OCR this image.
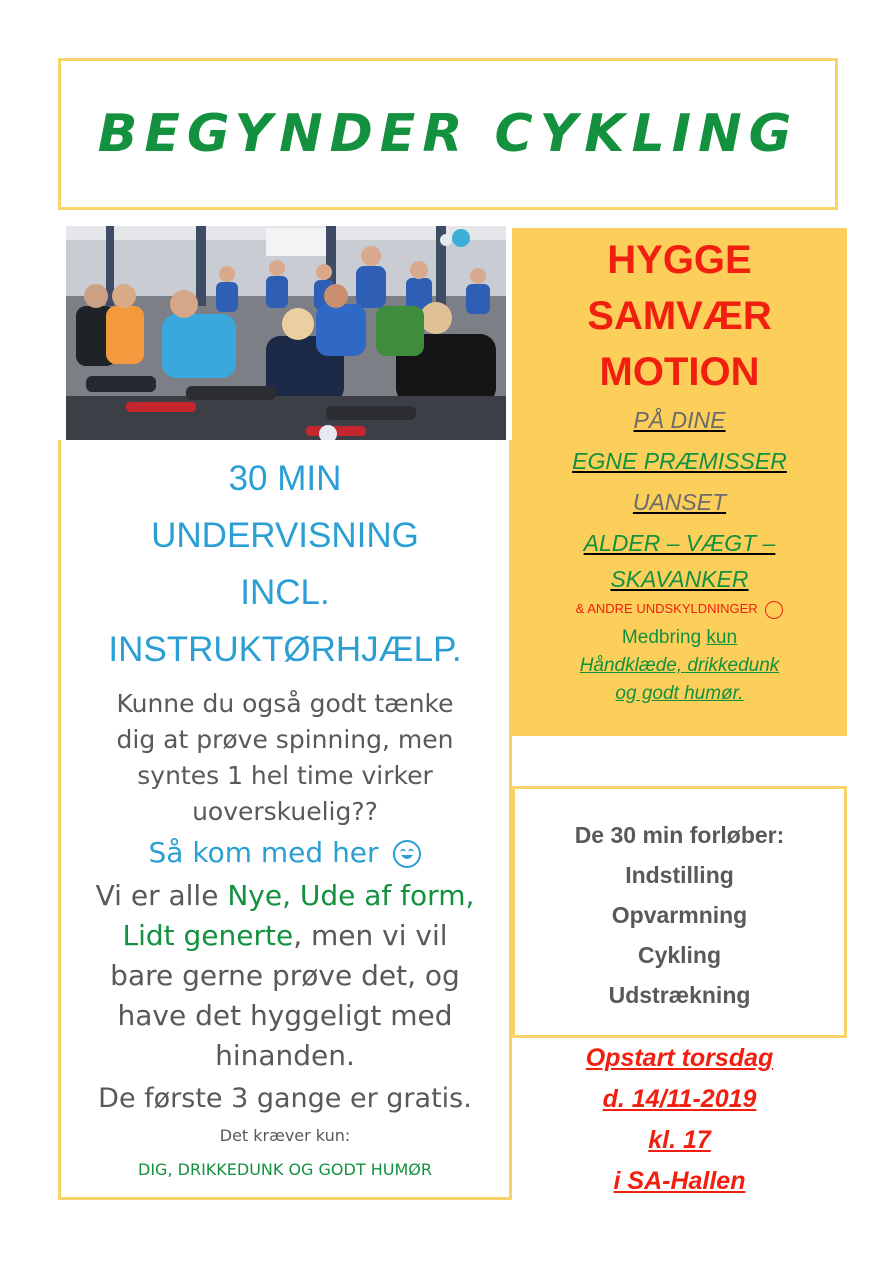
BEGYNDER CYKLING
30 MIN
UNDERVISNING
INCL.
INSTRUKTØRHJÆLP.
Kunne du også godt tænke
dig at prøve spinning, men
syntes 1 hel time virker
uoverskuelig??
Så kom med her
Vi er alle Nye, Ude af form,
Lidt generte, men vi vil
bare gerne prøve det, og
have det hyggeligt med
hinanden.
De første 3 gange er gratis.
Det kræver kun:
DIG, DRIKKEDUNK OG GODT HUMØR
HYGGE
SAMVÆR
MOTION
PÅ DINE
EGNE PRÆMISSER
UANSET
ALDER – VÆGT –
SKAVANKER
& ANDRE UNDSKYLDNINGER
Medbring kun
Håndklæde, drikkedunk
og godt humør.
De 30 min forløber:
Indstilling
Opvarmning
Cykling
Udstrækning
Opstart torsdag
d. 14/11-2019
kl. 17
i SA-Hallen
